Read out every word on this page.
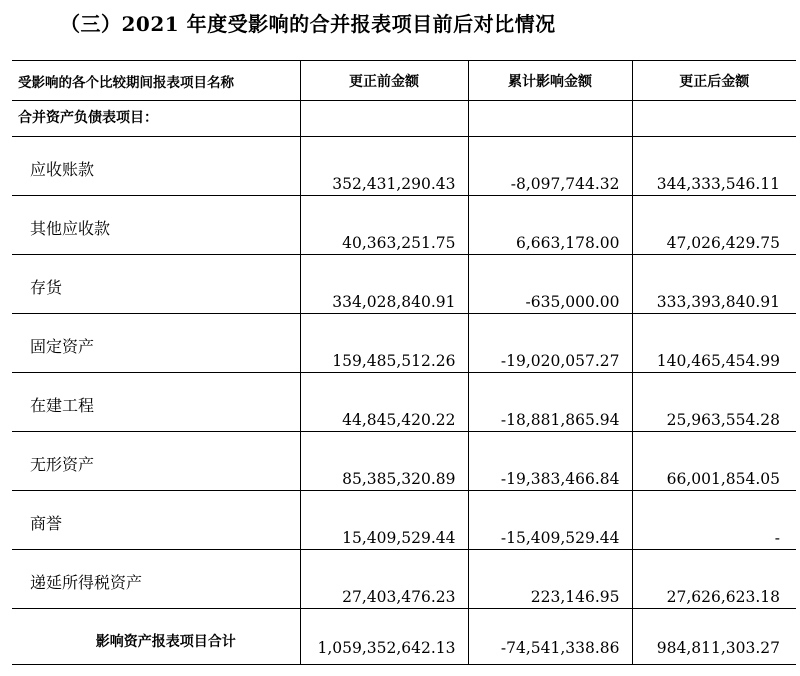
（三）2021 年度受影响的合并报表项目前后对比情况
受影响的各个比较期间报表项目名称	更正前金额	累计影响金额	更正后金额
合并资产负债表项目：			
应收账款	352,431,290.43	-8,097,744.32	344,333,546.11
其他应收款	40,363,251.75	6,663,178.00	47,026,429.75
存货	334,028,840.91	-635,000.00	333,393,840.91
固定资产	159,485,512.26	-19,020,057.27	140,465,454.99
在建工程	44,845,420.22	-18,881,865.94	25,963,554.28
无形资产	85,385,320.89	-19,383,466.84	66,001,854.05
商誉	15,409,529.44	-15,409,529.44	-
递延所得税资产	27,403,476.23	223,146.95	27,626,623.18
影响资产报表项目合计	1,059,352,642.13	-74,541,338.86	984,811,303.27
